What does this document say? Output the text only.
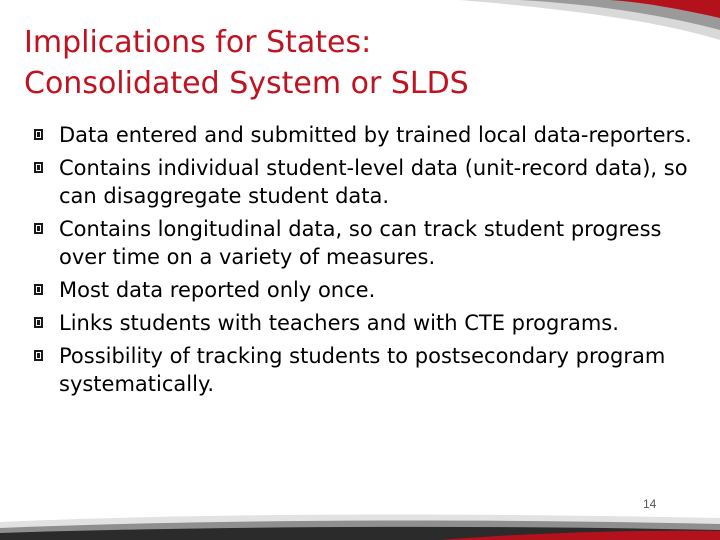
Implications for States:
Consolidated System or SLDS
Data entered and submitted by trained local data-reporters.
Contains individual student-level data (unit-record data), so can disaggregate student data.
Contains longitudinal data, so can track student progress over time on a variety of measures.
Most data reported only once.
Links students with teachers and with CTE programs.
Possibility of tracking students to postsecondary program systematically.
14
